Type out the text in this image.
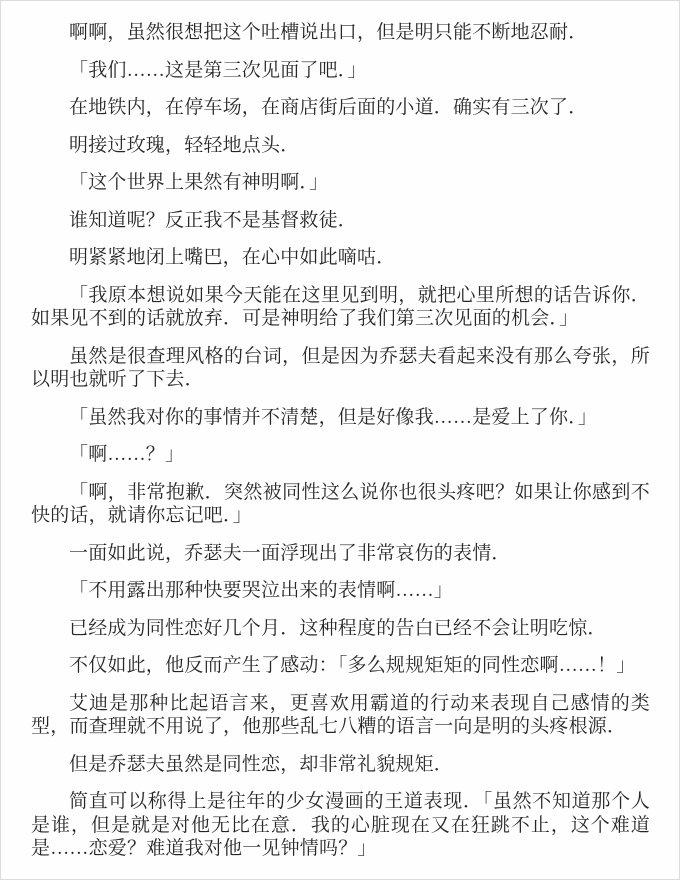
啊啊，虽然很想把这个吐槽说出口，但是明只能不断地忍耐．

「我们……这是第三次见面了吧．」

在地铁内，在停车场，在商店街后面的小道．确实有三次了．

明接过玫瑰，轻轻地点头．

「这个世界上果然有神明啊．」

谁知道呢？反正我不是基督救徒．

明紧紧地闭上嘴巴，在心中如此嘀咕．

「我原本想说如果今天能在这里见到明，就把心里所想的话告诉你．如果见不到的话就放弃．可是神明给了我们第三次见面的机会．」

虽然是很查理风格的台词，但是因为乔瑟夫看起来没有那么夸张，所以明也就听了下去．

「虽然我对你的事情并不清楚，但是好像我……是爱上了你．」

「啊……？」

「啊，非常抱歉．突然被同性这么说你也很头疼吧？如果让你感到不快的话，就请你忘记吧．」

一面如此说，乔瑟夫一面浮现出了非常哀伤的表情．

「不用露出那种快要哭泣出来的表情啊……」

已经成为同性恋好几个月．这种程度的告白已经不会让明吃惊．

不仅如此，他反而产生了感动：「多么规规矩矩的同性恋啊……！」

艾迪是那种比起语言来，更喜欢用霸道的行动来表现自己感情的类型，而查理就不用说了，他那些乱七八糟的语言一向是明的头疼根源．

但是乔瑟夫虽然是同性恋，却非常礼貌规矩．

简直可以称得上是往年的少女漫画的王道表现．「虽然不知道那个人是谁，但是就是对他无比在意．我的心脏现在又在狂跳不止，这个难道是……恋爱？难道我对他一见钟情吗？」
